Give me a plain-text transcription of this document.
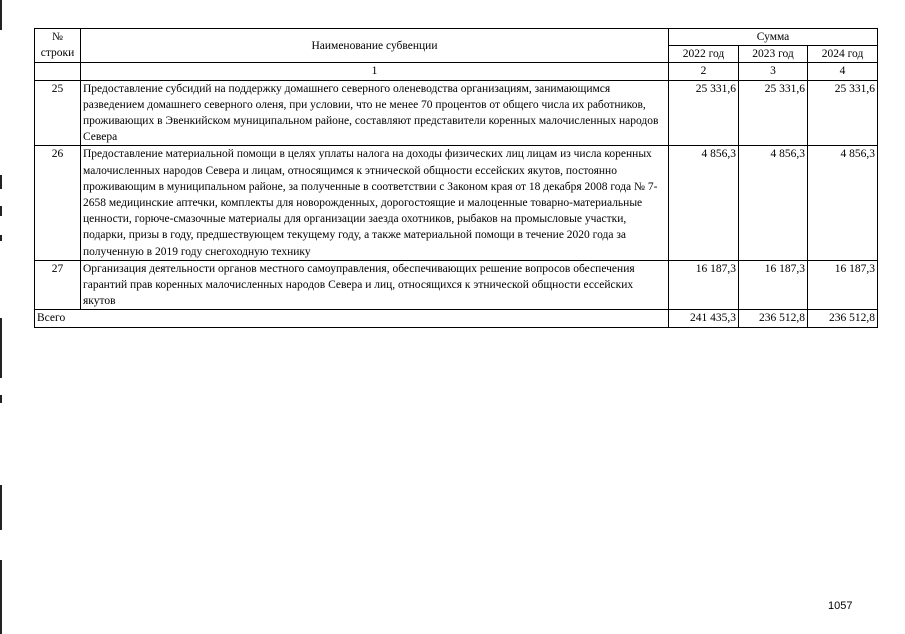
№
строки	Наименование субвенции	Сумма		
		2022 год	2023 год	2024 год
	1	2	3	4
25	Предоставление субсидий на поддержку домашнего северного оленеводства организациям, занимающимся разведением домашнего северного оленя, при условии, что не менее 70 процентов от общего числа их работников, проживающих в Эвенкийском муниципальном районе, составляют представители коренных малочисленных народов Севера	25 331,6	25 331,6	25 331,6
26	Предоставление материальной помощи в целях уплаты налога на доходы физических лиц лицам из числа коренных малочисленных народов Севера и лицам, относящимся к этнической общности ессейских якутов, постоянно проживающим в муниципальном районе, за полученные в соответствии с Законом края от 18 декабря 2008 года № 7-2658 медицинские аптечки, комплекты для новорожденных, дорогостоящие и малоценные товарно-материальные ценности, горюче-смазочные материалы для организации заезда охотников, рыбаков на промысловые участки, подарки, призы в году, предшествующем текущему году, а также материальной помощи в течение 2020 года за полученную в 2019 году снегоходную технику	4 856,3	4 856,3	4 856,3
27	Организация деятельности органов местного самоуправления, обеспечивающих решение вопросов обеспечения гарантий прав коренных малочисленных народов Севера и лиц, относящихся к этнической общности ессейских якутов	16 187,3	16 187,3	16 187,3
Всего		241 435,3	236 512,8	236 512,8
1057
